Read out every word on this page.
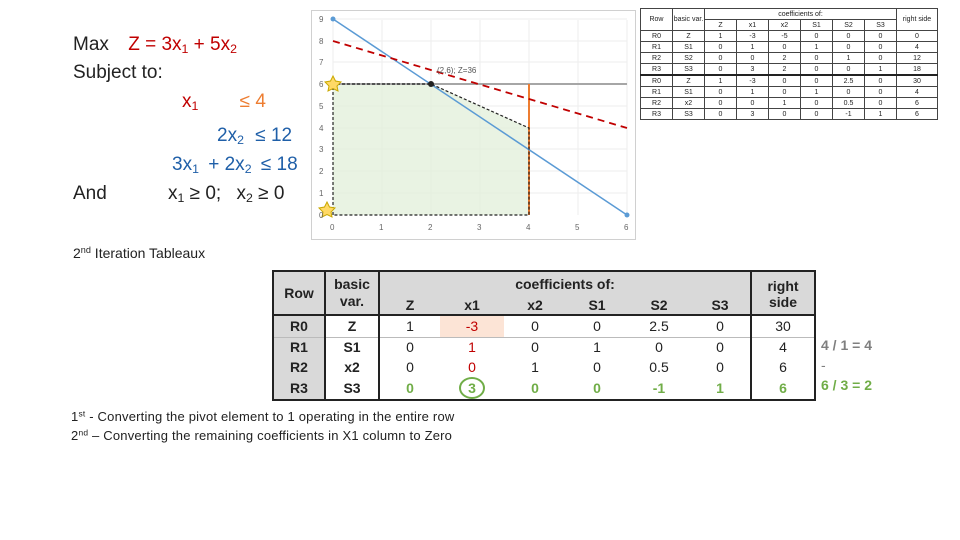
Max $Z = 3x_1 + 5x_2$
Subject to:
$x_1 \le 4$
$2x_2 \le 12$
$3x_1 + 2x_2 \le 18$
And	$x_1 \ge 0$; $x_2 \ge 0$
(2,6); Z=36
0
1
2
3
4
5
6
7
8
9
0	1	2	3	4	5	6
Row	basic var.	coefficients of:						right side
		Z	x1	x2	S1	S2	S3	
R0	Z	1	-3	-5	0	0	0	0
R1	S1	0	1	0	1	0	0	4
R2	S2	0	0	2	0	1	0	12
R3	S3	0	3	2	0	0	1	18
R0	Z	1	-3	0	0	2.5	0	30
R1	S1	0	1	0	1	0	0	4
R2	x2	0	0	1	0	0.5	0	6
R3	S3	0	3	0	0	-1	1	6
2nd Iteration Tableaux
Row	basic var.	coefficients of:						right side
		Z	x1	x2	S1	S2	S3	
R0	Z	1	-3	0	0	2.5	0	30
R1	S1	0	1	0	1	0	0	4
R2	x2	0	0	1	0	0.5	0	6
R3	S3	0	3	0	0	-1	1	6
4 / 1 = 4
-
6 / 3 = 2
1st - Converting the pivot element to 1 operating in the entire row
2nd – Converting the remaining coefficients in X1 column to Zero
